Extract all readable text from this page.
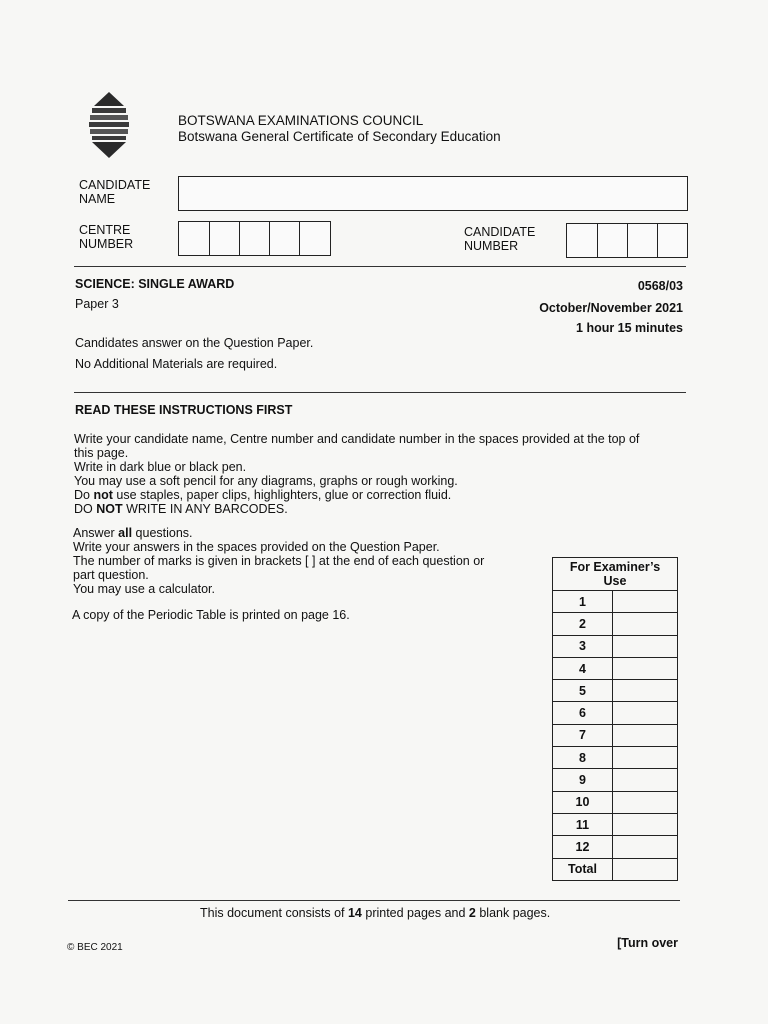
BOTSWANA EXAMINATIONS COUNCIL
Botswana General Certificate of Secondary Education
CANDIDATE
NAME
CENTRE
NUMBER
CANDIDATE
NUMBER
SCIENCE: SINGLE AWARD	0568/03
Paper 3	October/November 2021
1 hour 15 minutes
Candidates answer on the Question Paper.
No Additional Materials are required.
READ THESE INSTRUCTIONS FIRST

Write your candidate name, Centre number and candidate number in the spaces provided at the top of

this page.

Write in dark blue or black pen.

You may use a soft pencil for any diagrams, graphs or rough working.

Do not use staples, paper clips, highlighters, glue or correction fluid.

DO NOT WRITE IN ANY BARCODES.

Answer all questions.

Write your answers in the spaces provided on the Question Paper.

The number of marks is given in brackets [ ] at the end of each question or

part question.

You may use a calculator.

A copy of the Periodic Table is printed on page 16.
For Examiner’s
Use	

1	
2	
3	
4	
5	
6	
7	
8	
9	
10	
11	
12	
Total	
This document consists of 14 printed pages and 2 blank pages.
© BEC 2021	[Turn over
